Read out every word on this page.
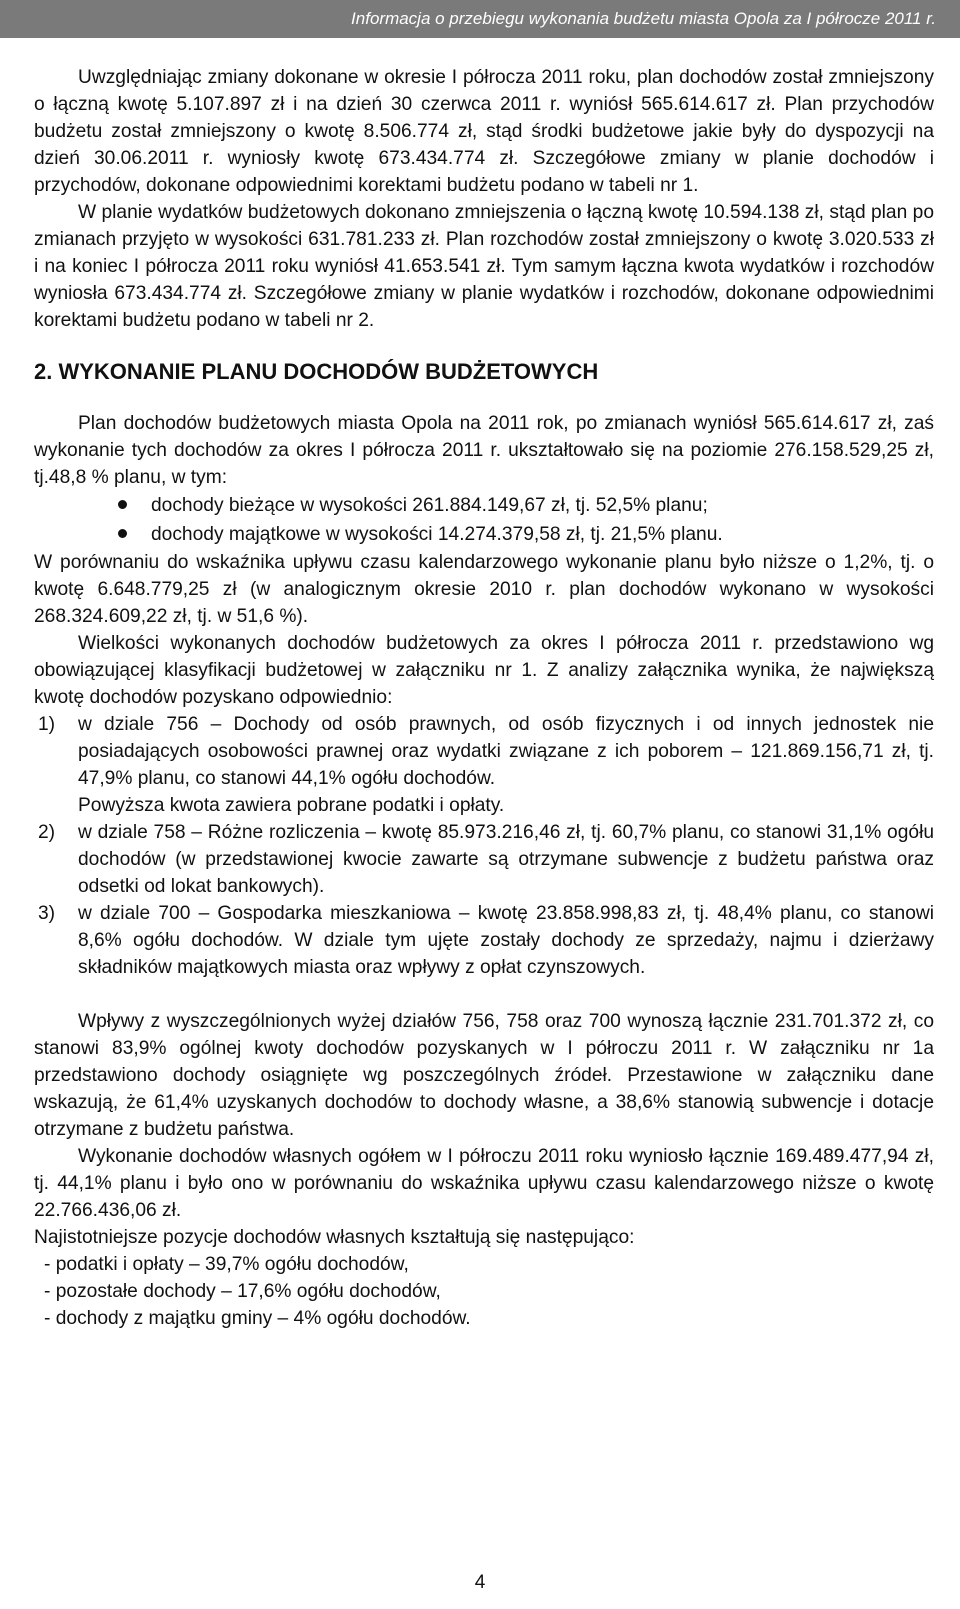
Informacja o przebiegu wykonania budżetu miasta Opola za I półrocze 2011 r.

Uwzględniając zmiany dokonane w okresie I półrocza 2011 roku, plan dochodów został zmniejszony o łączną kwotę 5.107.897 zł i na dzień 30 czerwca 2011 r. wyniósł 565.614.617 zł. Plan przychodów budżetu został zmniejszony o kwotę 8.506.774 zł, stąd środki budżetowe jakie były do dyspozycji na dzień 30.06.2011 r. wyniosły kwotę 673.434.774 zł. Szczegółowe zmiany w planie dochodów i przychodów, dokonane odpowiednimi korektami budżetu podano w tabeli nr 1.

W planie wydatków budżetowych dokonano zmniejszenia o łączną kwotę 10.594.138 zł, stąd plan po zmianach przyjęto w wysokości 631.781.233 zł. Plan rozchodów został zmniejszony o kwotę 3.020.533 zł i na koniec I półrocza 2011 roku wyniósł 41.653.541 zł. Tym samym łączna kwota wydatków i rozchodów wyniosła 673.434.774 zł. Szczegółowe zmiany w planie wydatków i rozchodów, dokonane odpowiednimi korektami budżetu podano w tabeli nr 2.

2. WYKONANIE PLANU DOCHODÓW BUDŻETOWYCH

Plan dochodów budżetowych miasta Opola na 2011 rok, po zmianach wyniósł 565.614.617 zł, zaś wykonanie tych dochodów za okres I półrocza 2011 r. ukształtowało się na poziomie 276.158.529,25 zł, tj.48,8 % planu, w tym:

dochody bieżące w wysokości 261.884.149,67 zł, tj. 52,5% planu;
dochody majątkowe w wysokości 14.274.379,58 zł, tj. 21,5% planu.

W porównaniu do wskaźnika upływu czasu kalendarzowego wykonanie planu było niższe o 1,2%, tj. o kwotę 6.648.779,25 zł (w analogicznym okresie 2010 r. plan dochodów wykonano w wysokości 268.324.609,22 zł, tj. w 51,6 %).

Wielkości wykonanych dochodów budżetowych za okres I półrocza 2011 r. przedstawiono wg obowiązującej klasyfikacji budżetowej w załączniku nr 1. Z analizy załącznika wynika, że największą kwotę dochodów pozyskano odpowiednio:

1) w dziale 756 – Dochody od osób prawnych, od osób fizycznych i od innych jednostek nie posiadających osobowości prawnej oraz wydatki związane z ich poborem – 121.869.156,71 zł, tj. 47,9% planu, co stanowi 44,1% ogółu dochodów.
Powyższa kwota zawiera pobrane podatki i opłaty.
2) w dziale 758 – Różne rozliczenia – kwotę 85.973.216,46 zł, tj. 60,7% planu, co stanowi 31,1% ogółu dochodów (w przedstawionej kwocie zawarte są otrzymane subwencje z budżetu państwa oraz odsetki od lokat bankowych).
3) w dziale 700 – Gospodarka mieszkaniowa – kwotę 23.858.998,83 zł, tj. 48,4% planu, co stanowi 8,6% ogółu dochodów. W dziale tym ujęte zostały dochody ze sprzedaży, najmu i dzierżawy składników majątkowych miasta oraz wpływy z opłat czynszowych.

Wpływy z wyszczególnionych wyżej działów 756, 758 oraz 700 wynoszą łącznie 231.701.372 zł, co stanowi 83,9% ogólnej kwoty dochodów pozyskanych w I półroczu 2011 r. W załączniku nr 1a przedstawiono dochody osiągnięte wg poszczególnych źródeł. Przestawione w załączniku dane wskazują, że 61,4% uzyskanych dochodów to dochody własne, a 38,6% stanowią subwencje i dotacje otrzymane z budżetu państwa.

Wykonanie dochodów własnych ogółem w I półroczu 2011 roku wyniosło łącznie 169.489.477,94 zł, tj. 44,1% planu i było ono w porównaniu do wskaźnika upływu czasu kalendarzowego niższe o kwotę 22.766.436,06 zł.

Najistotniejsze pozycje dochodów własnych kształtują się następująco:

- podatki i opłaty – 39,7% ogółu dochodów,
- pozostałe dochody – 17,6% ogółu dochodów,
- dochody z majątku gminy – 4% ogółu dochodów.
4
